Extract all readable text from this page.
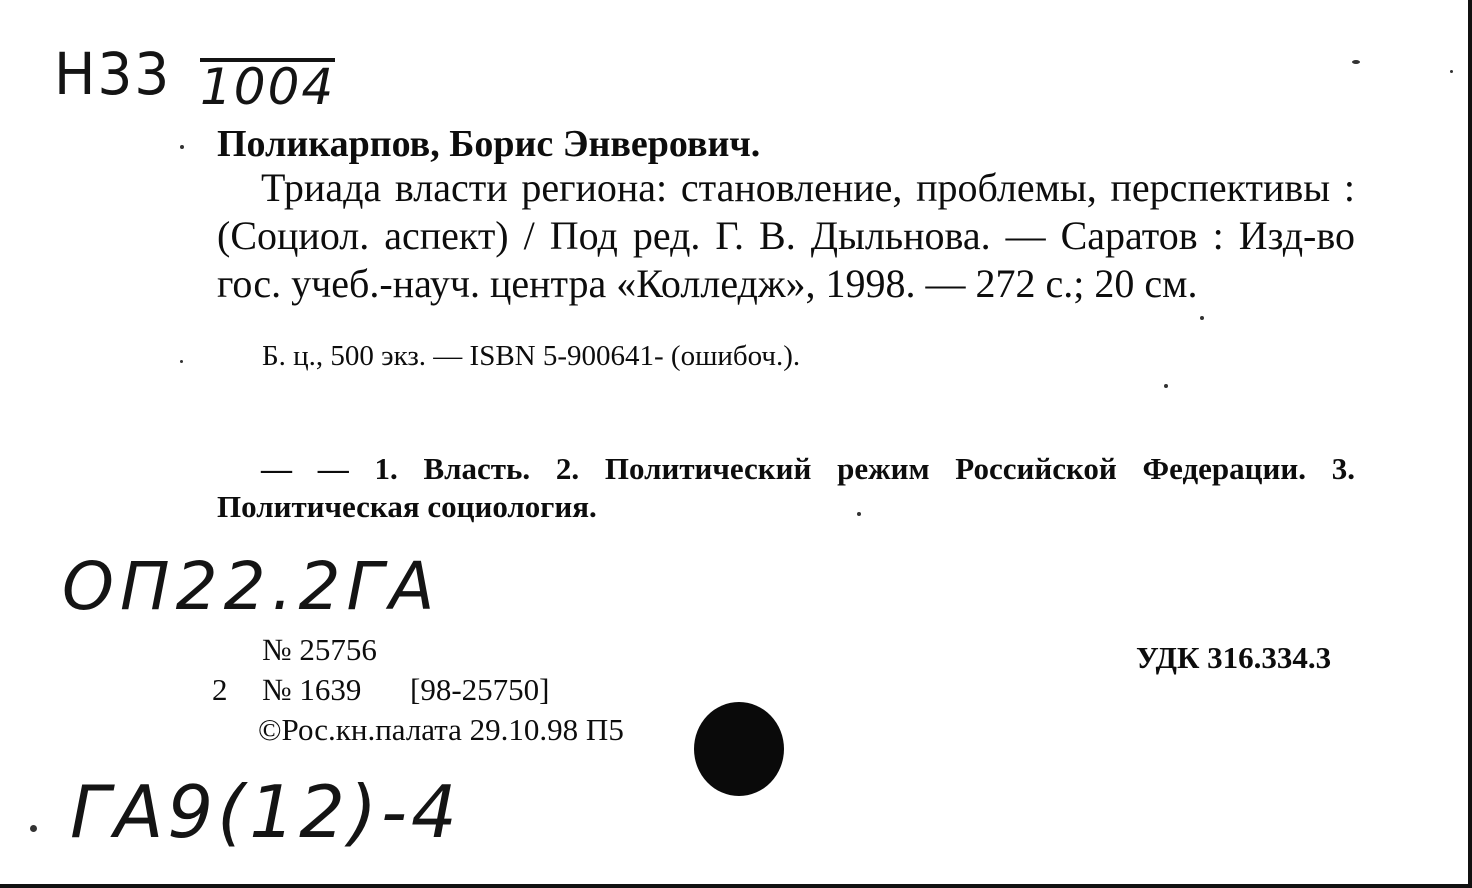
Н33 1004
Поликарпов, Борис Энверович.

Триада власти региона: становление, проблемы, перспективы : (Социол. аспект) / Под ред. Г. В. Дыльнова. — Саратов : Изд-во гос. учеб.-науч. центра «Колледж», 1998. — 272 с.; 20 см.

Б. ц., 500 экз. — ISBN 5-900641- (ошибоч.).

— — 1. Власть. 2. Политический режим Российской Федерации. 3. Политическая социология.

ОП22.2ГА
№ 25756
2 № 1639 [98-25750]
©Рос.кн.палата 29.10.98 П5
УДК 316.334.3
ГА9(12)-4
